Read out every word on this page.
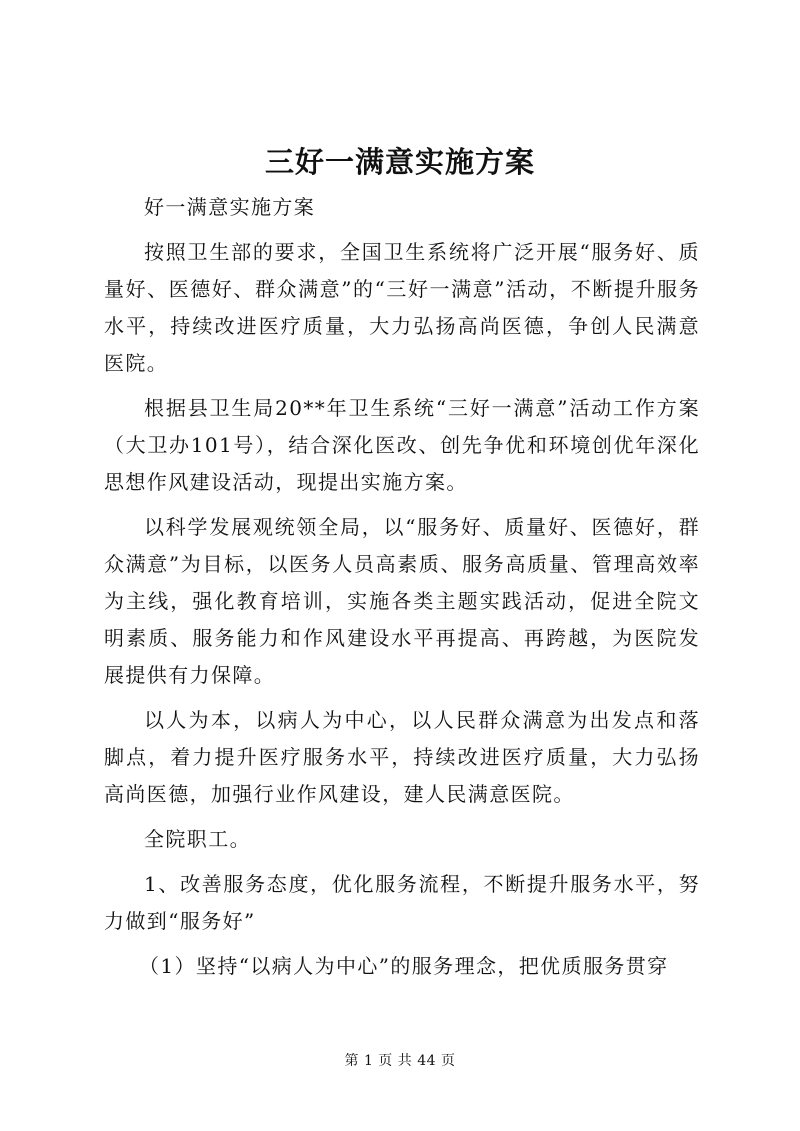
三好一满意实施方案

好一满意实施方案

按照卫生部的要求，全国卫生系统将广泛开展“服务好、质量好、医德好、群众满意”的“三好一满意”活动，不断提升服务水平，持续改进医疗质量，大力弘扬高尚医德，争创人民满意医院。

根据县卫生局20**年卫生系统“三好一满意”活动工作方案（大卫办101号），结合深化医改、创先争优和环境创优年深化思想作风建设活动，现提出实施方案。

以科学发展观统领全局，以“服务好、质量好、医德好，群众满意”为目标，以医务人员高素质、服务高质量、管理高效率为主线，强化教育培训，实施各类主题实践活动，促进全院文明素质、服务能力和作风建设水平再提高、再跨越，为医院发展提供有力保障。

以人为本，以病人为中心，以人民群众满意为出发点和落脚点，着力提升医疗服务水平，持续改进医疗质量，大力弘扬高尚医德，加强行业作风建设，建人民满意医院。

全院职工。

1、改善服务态度，优化服务流程，不断提升服务水平，努力做到“服务好”

（1）坚持“以病人为中心”的服务理念，把优质服务贯穿

第 1 页 共 44 页
